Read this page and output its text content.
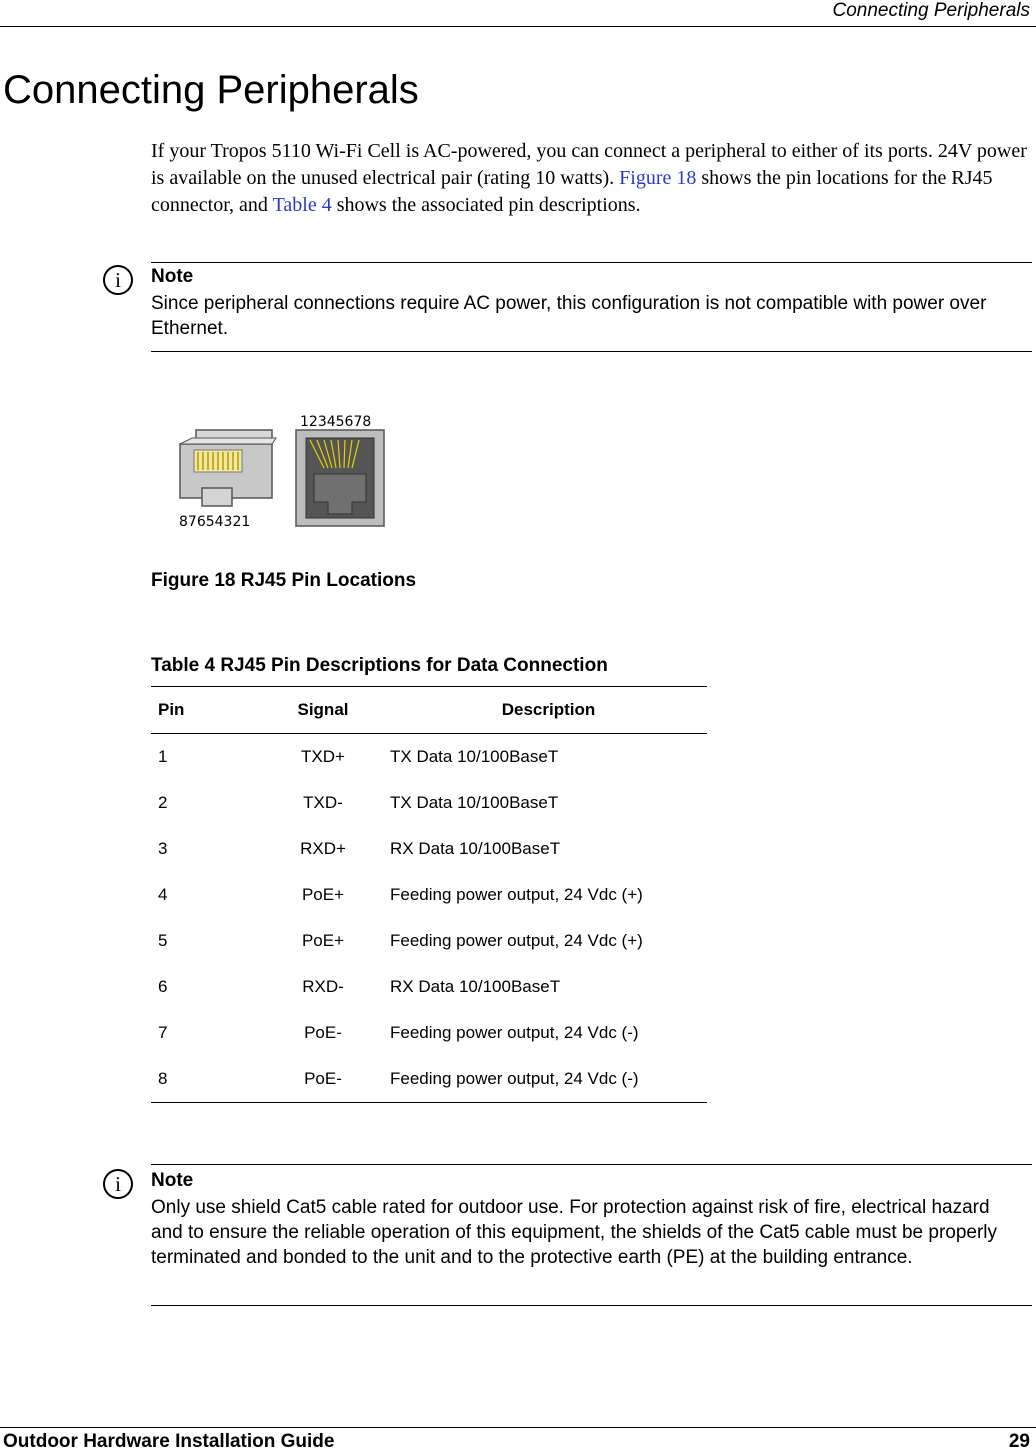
Connecting Peripherals
Connecting Peripherals

If your Tropos 5110 Wi-Fi Cell is AC-powered, you can connect a peripheral to either of its ports. 24V power is available on the unused electrical pair (rating 10 watts). Figure 18 shows the pin locations for the RJ45 connector, and Table 4 shows the associated pin descriptions.

i	Note
Since peripheral connections require AC power, this configuration is not compatible with power over Ethernet.
87654321
12345678
Figure 18 RJ45 Pin Locations
Table 4 RJ45 Pin Descriptions for Data Connection
Pin	Signal	Description
1	TXD+	TX Data 10/100BaseT
2	TXD-	TX Data 10/100BaseT
3	RXD+	RX Data 10/100BaseT
4	PoE+	Feeding power output, 24 Vdc (+)
5	PoE+	Feeding power output, 24 Vdc (+)
6	RXD-	RX Data 10/100BaseT
7	PoE-	Feeding power output, 24 Vdc (-)
8	PoE-	Feeding power output, 24 Vdc (-)
i	Note
Only use shield Cat5 cable rated for outdoor use. For protection against risk of fire, electrical hazard and to ensure the reliable operation of this equipment, the shields of the Cat5 cable must be properly terminated and bonded to the unit and to the protective earth (PE) at the building entrance.
Outdoor Hardware Installation Guide	29
